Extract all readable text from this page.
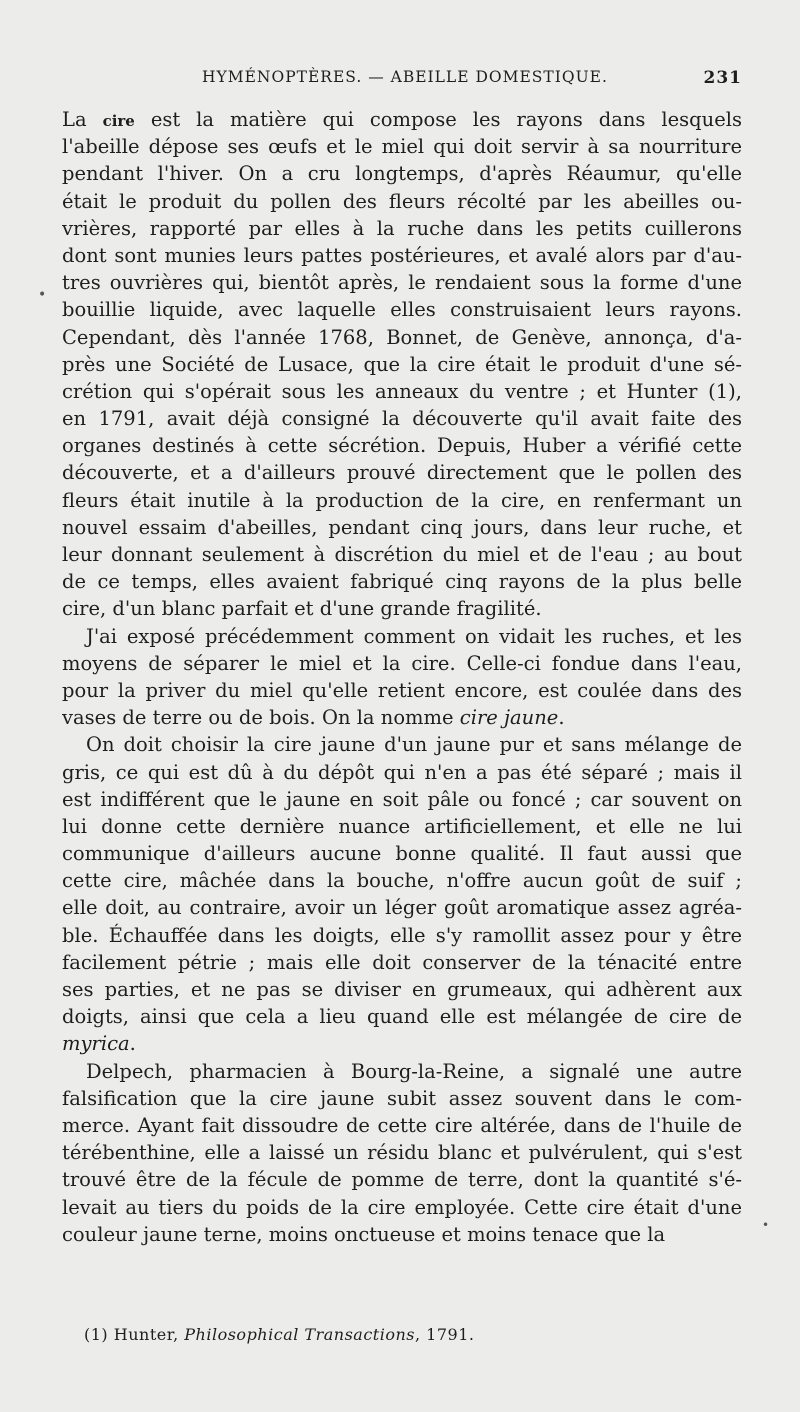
HYMÉNOPTÈRES. — ABEILLE DOMESTIQUE.	231
•
•
La cire est la matière qui compose les rayons dans lesquels
l'abeille dépose ses œufs et le miel qui doit servir à sa nourriture
pendant l'hiver. On a cru longtemps, d'après Réaumur, qu'elle
était le produit du pollen des fleurs récolté par les abeilles ou-
vrières, rapporté par elles à la ruche dans les petits cuillerons
dont sont munies leurs pattes postérieures, et avalé alors par d'au-
tres ouvrières qui, bientôt après, le rendaient sous la forme d'une
bouillie liquide, avec laquelle elles construisaient leurs rayons.
Cependant, dès l'année 1768, Bonnet, de Genève, annonça, d'a-
près une Société de Lusace, que la cire était le produit d'une sé-
crétion qui s'opérait sous les anneaux du ventre ; et Hunter (1),
en 1791, avait déjà consigné la découverte qu'il avait faite des
organes destinés à cette sécrétion. Depuis, Huber a vérifié cette
découverte, et a d'ailleurs prouvé directement que le pollen des
fleurs était inutile à la production de la cire, en renfermant un
nouvel essaim d'abeilles, pendant cinq jours, dans leur ruche, et
leur donnant seulement à discrétion du miel et de l'eau ; au bout
de ce temps, elles avaient fabriqué cinq rayons de la plus belle
cire, d'un blanc parfait et d'une grande fragilité.
J'ai exposé précédemment comment on vidait les ruches, et les
moyens de séparer le miel et la cire. Celle-ci fondue dans l'eau,
pour la priver du miel qu'elle retient encore, est coulée dans des
vases de terre ou de bois. On la nomme cire jaune.
On doit choisir la cire jaune d'un jaune pur et sans mélange de
gris, ce qui est dû à du dépôt qui n'en a pas été séparé ; mais il
est indifférent que le jaune en soit pâle ou foncé ; car souvent on
lui donne cette dernière nuance artificiellement, et elle ne lui
communique d'ailleurs aucune bonne qualité. Il faut aussi que
cette cire, mâchée dans la bouche, n'offre aucun goût de suif ;
elle doit, au contraire, avoir un léger goût aromatique assez agréa-
ble. Échauffée dans les doigts, elle s'y ramollit assez pour y être
facilement pétrie ; mais elle doit conserver de la ténacité entre
ses parties, et ne pas se diviser en grumeaux, qui adhèrent aux
doigts, ainsi que cela a lieu quand elle est mélangée de cire de
myrica.
Delpech, pharmacien à Bourg-la-Reine, a signalé une autre
falsification que la cire jaune subit assez souvent dans le com-
merce. Ayant fait dissoudre de cette cire altérée, dans de l'huile de
térébenthine, elle a laissé un résidu blanc et pulvérulent, qui s'est
trouvé être de la fécule de pomme de terre, dont la quantité s'é-
levait au tiers du poids de la cire employée. Cette cire était d'une
couleur jaune terne, moins onctueuse et moins tenace que la
(1) Hunter, Philosophical Transactions, 1791.
